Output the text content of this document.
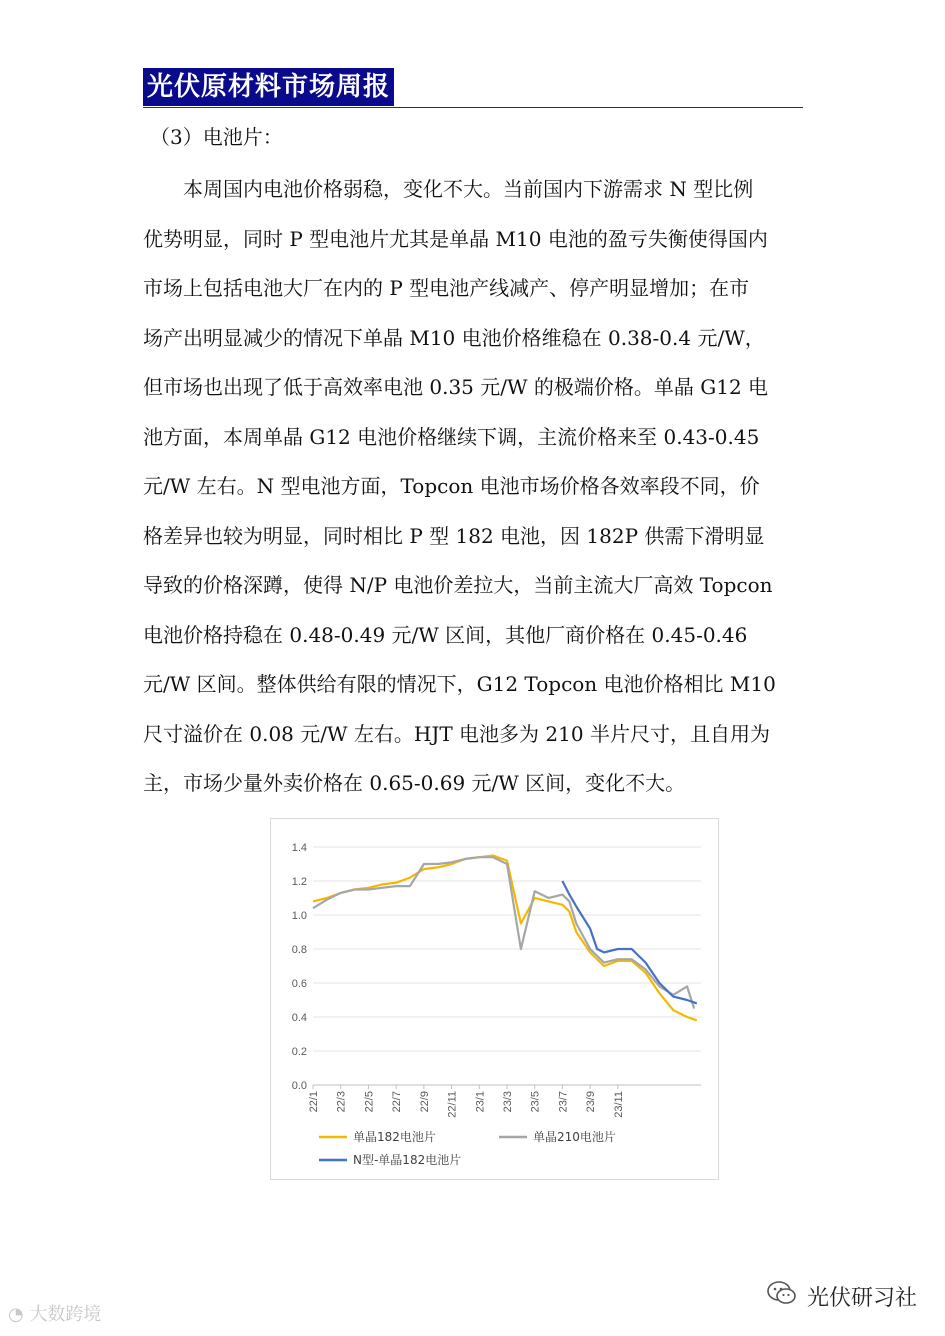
光伏原材料市场周报
（3）电池片：
　　本周国内电池价格弱稳，变化不大。当前国内下游需求 N 型比例
优势明显，同时 P 型电池片尤其是单晶 M10 电池的盈亏失衡使得国内
市场上包括电池大厂在内的 P 型电池产线减产、停产明显增加；在市
场产出明显减少的情况下单晶 M10 电池价格维稳在 0.38-0.4 元/W，
但市场也出现了低于高效率电池 0.35 元/W 的极端价格。单晶 G12 电
池方面，本周单晶 G12 电池价格继续下调，主流价格来至 0.43-0.45
元/W 左右。N 型电池方面，Topcon 电池市场价格各效率段不同，价
格差异也较为明显，同时相比 P 型 182 电池，因 182P 供需下滑明显
导致的价格深蹲，使得 N/P 电池价差拉大，当前主流大厂高效 Topcon
电池价格持稳在 0.48-0.49 元/W 区间，其他厂商价格在 0.45-0.46
元/W 区间。整体供给有限的情况下，G12 Topcon 电池价格相比 M10
尺寸溢价在 0.08 元/W 左右。HJT 电池多为 210 半片尺寸，且自用为
主，市场少量外卖价格在 0.65-0.69 元/W 区间，变化不大。
0.0
0.2
0.4
0.6
0.8
1.0
1.2
1.4
22/1 22/3 22/5 22/7 22/9 22/11 23/1 23/3 23/5 23/7 23/9 23/11
单晶182电池片	单晶210电池片
N型-单晶182电池片
◔ 大数跨境
光伏研习社
